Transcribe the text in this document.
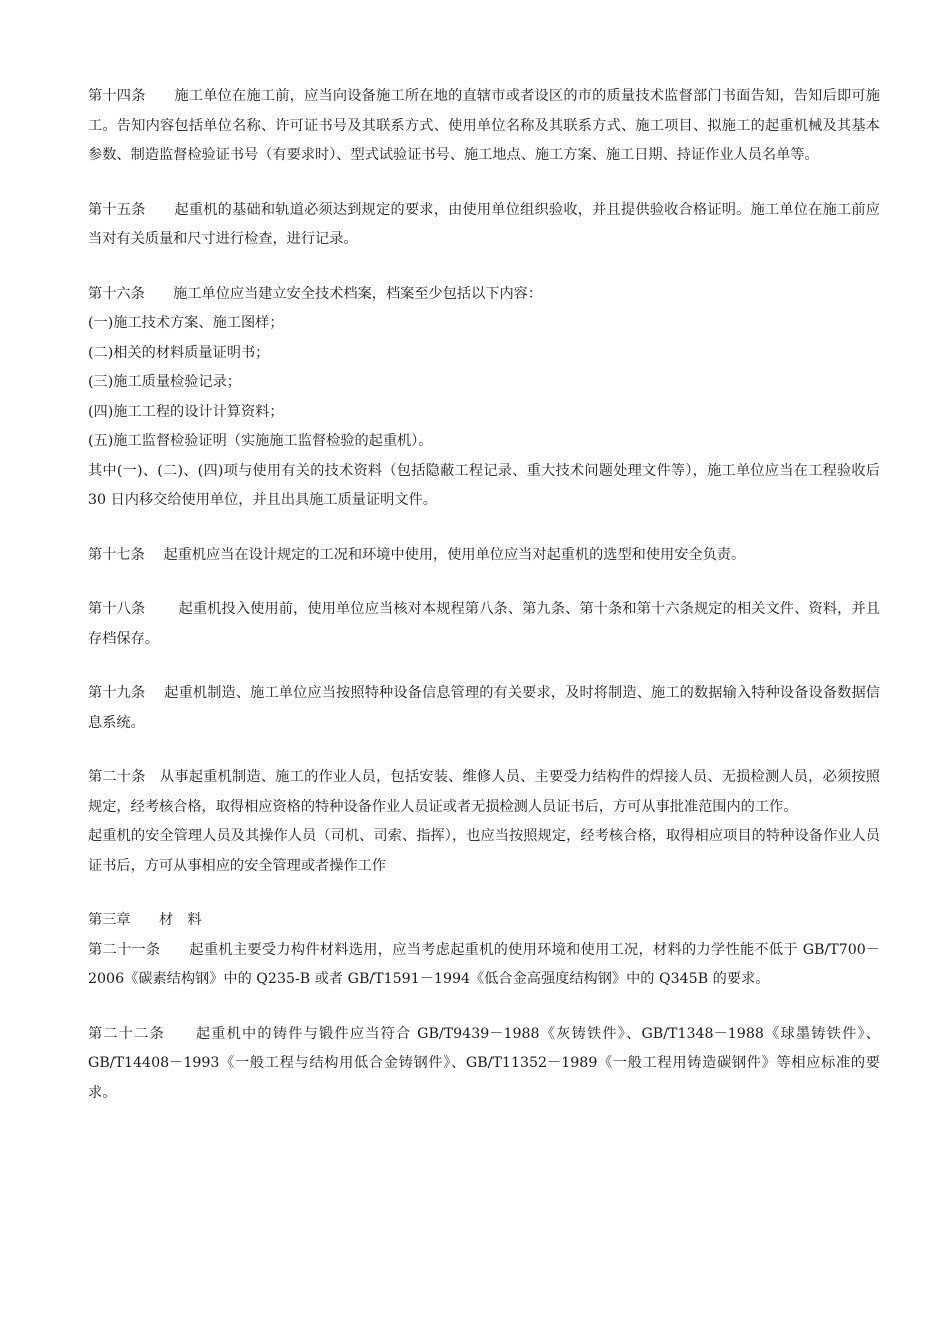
第十四条　　 施工单位在施工前，应当向设备施工所在地的直辖市或者设区的市的质量技术监督部门书面告知，告知后即可施工。告知内容包括单位名称、许可证书号及其联系方式、使用单位名称及其联系方式、施工项目、拟施工的起重机械及其基本参数、制造监督检验证书号（有要求时）、型式试验证书号、施工地点、施工方案、施工日期、持证作业人员名单等。

第十五条　　 起重机的基础和轨道必须达到规定的要求，由使用单位组织验收，并且提供验收合格证明。施工单位在施工前应当对有关质量和尺寸进行检查，进行记录。

第十六条　　 施工单位应当建立安全技术档案，档案至少包括以下内容：

(一)施工技术方案、施工图样；

(二)相关的材料质量证明书；

(三)施工质量检验记录；

(四)施工工程的设计计算资料；

(五)施工监督检验证明（实施施工监督检验的起重机）。

其中(一)、(二)、(四)项与使用有关的技术资料（包括隐蔽工程记录、重大技术问题处理文件等），施工单位应当在工程验收后 30 日内移交给使用单位，并且出具施工质量证明文件。

第十七条　 起重机应当在设计规定的工况和环境中使用，使用单位应当对起重机的选型和使用安全负责。

第十八条　　 起重机投入使用前，使用单位应当核对本规程第八条、第九条、第十条和第十六条规定的相关文件、资料，并且存档保存。

第十九条　 起重机制造、施工单位应当按照特种设备信息管理的有关要求，及时将制造、施工的数据输入特种设备设备数据信息系统。

第二十条　 从事起重机制造、施工的作业人员，包括安装、维修人员、主要受力结构件的焊接人员、无损检测人员，必须按照规定，经考核合格，取得相应资格的特种设备作业人员证或者无损检测人员证书后，方可从事批准范围内的工作。

起重机的安全管理人员及其操作人员（司机、司索、指挥），也应当按照规定，经考核合格，取得相应项目的特种设备作业人员证书后，方可从事相应的安全管理或者操作工作

第三章　　 材　料

第二十一条　　 起重机主要受力构件材料选用，应当考虑起重机的使用环境和使用工况，材料的力学性能不低于 GB/T700－2006《碳素结构钢》中的 Q235-B 或者 GB/T1591－1994《低合金高强度结构钢》中的 Q345B 的要求。

第二十二条　　 起重机中的铸件与锻件应当符合 GB/T9439－1988《灰铸铁件》、GB/T1348－1988《球墨铸铁件》、GB/T14408－1993《一般工程与结构用低合金铸钢件》、GB/T11352－1989《一般工程用铸造碳钢件》等相应标准的要求。
